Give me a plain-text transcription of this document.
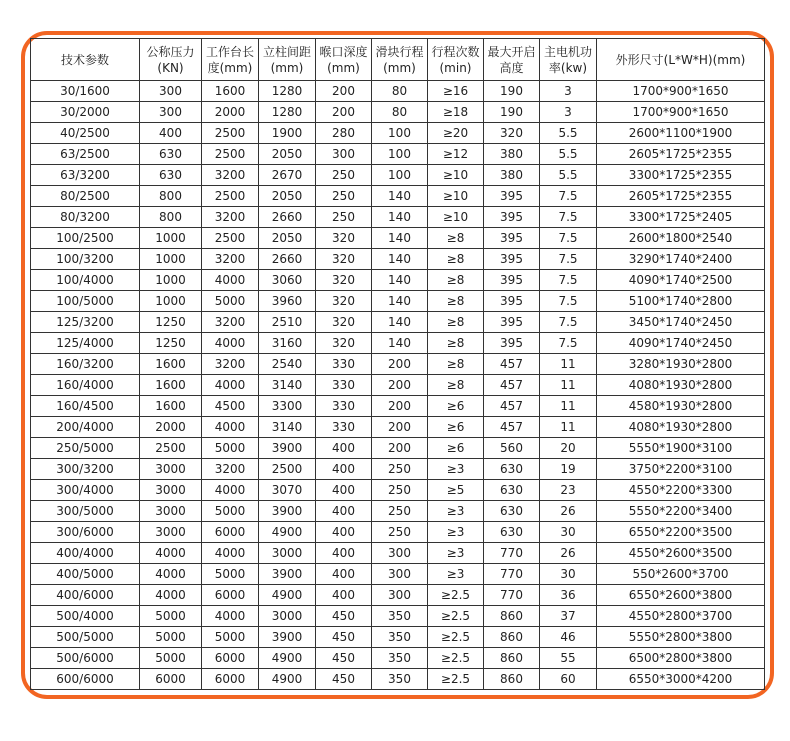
技术参数	公称压力(KN)	工作台长度(mm)	立柱间距(mm)	喉口深度(mm)	滑块行程(mm)	行程次数(min)	最大开启高度	主电机功率(kw)	外形尺寸(L*W*H)(mm)
30/1600	300	1600	1280	200	80	≥16	190	3	1700*900*1650
30/2000	300	2000	1280	200	80	≥18	190	3	1700*900*1650
40/2500	400	2500	1900	280	100	≥20	320	5.5	2600*1100*1900
63/2500	630	2500	2050	300	100	≥12	380	5.5	2605*1725*2355
63/3200	630	3200	2670	250	100	≥10	380	5.5	3300*1725*2355
80/2500	800	2500	2050	250	140	≥10	395	7.5	2605*1725*2355
80/3200	800	3200	2660	250	140	≥10	395	7.5	3300*1725*2405
100/2500	1000	2500	2050	320	140	≥8	395	7.5	2600*1800*2540
100/3200	1000	3200	2660	320	140	≥8	395	7.5	3290*1740*2400
100/4000	1000	4000	3060	320	140	≥8	395	7.5	4090*1740*2500
100/5000	1000	5000	3960	320	140	≥8	395	7.5	5100*1740*2800
125/3200	1250	3200	2510	320	140	≥8	395	7.5	3450*1740*2450
125/4000	1250	4000	3160	320	140	≥8	395	7.5	4090*1740*2450
160/3200	1600	3200	2540	330	200	≥8	457	11	3280*1930*2800
160/4000	1600	4000	3140	330	200	≥8	457	11	4080*1930*2800
160/4500	1600	4500	3300	330	200	≥6	457	11	4580*1930*2800
200/4000	2000	4000	3140	330	200	≥6	457	11	4080*1930*2800
250/5000	2500	5000	3900	400	200	≥6	560	20	5550*1900*3100
300/3200	3000	3200	2500	400	250	≥3	630	19	3750*2200*3100
300/4000	3000	4000	3070	400	250	≥5	630	23	4550*2200*3300
300/5000	3000	5000	3900	400	250	≥3	630	26	5550*2200*3400
300/6000	3000	6000	4900	400	250	≥3	630	30	6550*2200*3500
400/4000	4000	4000	3000	400	300	≥3	770	26	4550*2600*3500
400/5000	4000	5000	3900	400	300	≥3	770	30	550*2600*3700
400/6000	4000	6000	4900	400	300	≥2.5	770	36	6550*2600*3800
500/4000	5000	4000	3000	450	350	≥2.5	860	37	4550*2800*3700
500/5000	5000	5000	3900	450	350	≥2.5	860	46	5550*2800*3800
500/6000	5000	6000	4900	450	350	≥2.5	860	55	6500*2800*3800
600/6000	6000	6000	4900	450	350	≥2.5	860	60	6550*3000*4200
